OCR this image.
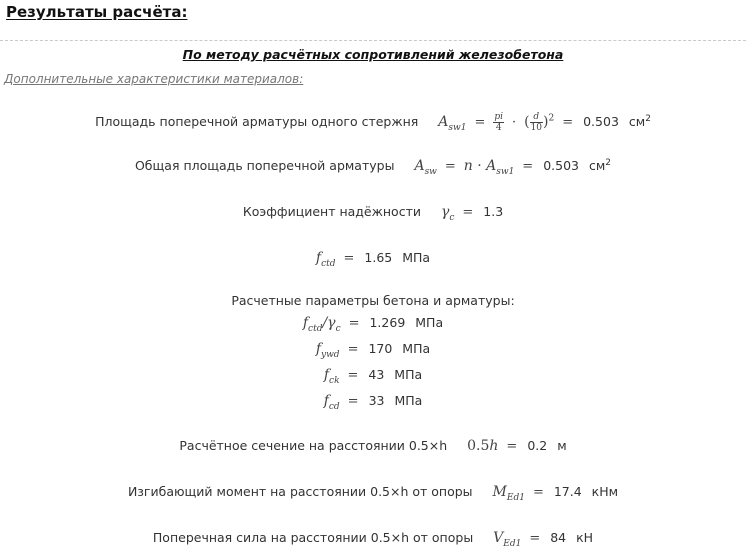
Результаты расчёта:
По методу расчётных сопротивлений железобетона
Дополнительные характеристики материалов:
Площадь поперечной арматуры одного стержня $A_{sw1} = \frac{pi}{4}$ · ( $\frac{d}{10} )^2 = 0.503$ $см^2$
Общая площадь поперечной арматуры $A_{sw} = n \cdot A_{sw1} = 0.503$ $см^2$
Коэффициент надёжности $\gamma_c = 1.3$
$f_{ctd} = 1.65$ МПа
Расчетные параметры бетона и арматуры:
$f_{ctd}/\gamma_c = 1.269$ МПа
$f_{ywd} = 170$ МПа
$f_{ck} = 43$ МПа
$f_{cd} = 33$ МПа
Расчётное сечение на расстоянии 0.5×h 0.5h = 0.2 м
Изгибающий момент на расстоянии 0.5×h от опоры $M_{Ed1} = 17.4$ кНм
Поперечная сила на расстоянии 0.5×h от опоры $V_{Ed1} = 84$ кН
